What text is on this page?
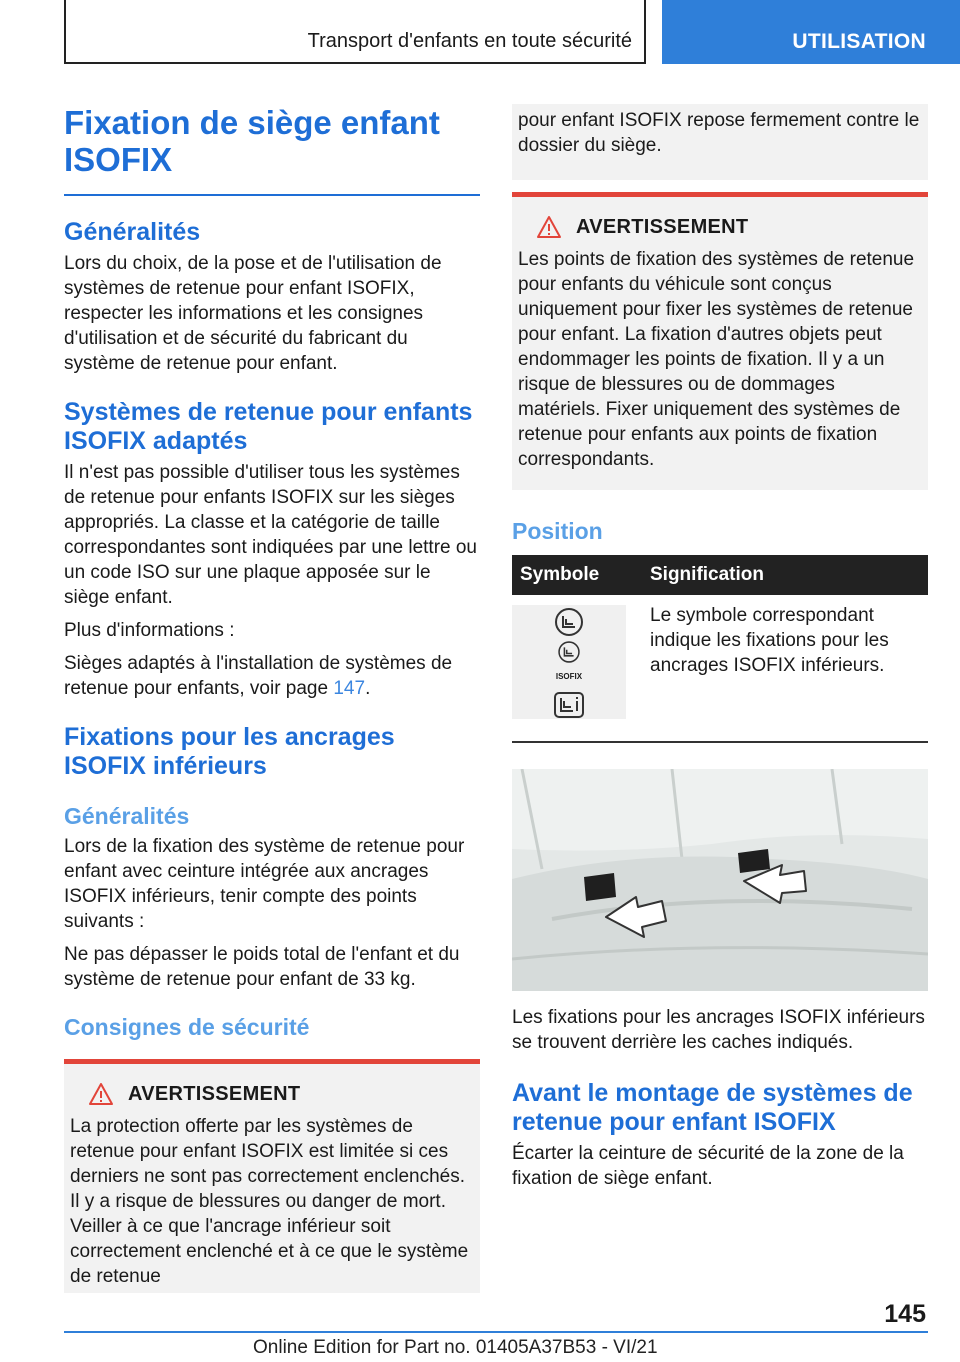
Transport d'enfants en toute sécurité	UTILISATION
Fixation de siège enfant ISOFIX
Généralités
Lors du choix, de la pose et de l'utilisation de systèmes de retenue pour enfant ISOFIX, respecter les informations et les consignes d'utilisation et de sécurité du fabricant du système de retenue pour enfant.
Systèmes de retenue pour enfants ISOFIX adaptés
Il n'est pas possible d'utiliser tous les systèmes de retenue pour enfants ISOFIX sur les sièges appropriés. La classe et la catégorie de taille correspondantes sont indiquées par une lettre ou un code ISO sur une plaque apposée sur le siège enfant.
Plus d'informations :
Sièges adaptés à l'installation de systèmes de retenue pour enfants, voir page 147.
Fixations pour les ancrages ISOFIX inférieurs
Généralités
Lors de la fixation des système de retenue pour enfant avec ceinture intégrée aux ancrages ISOFIX inférieurs, tenir compte des points suivants :
Ne pas dépasser le poids total de l'enfant et du système de retenue pour enfant de 33 kg.
Consignes de sécurité
AVERTISSEMENT
La protection offerte par les systèmes de retenue pour enfant ISOFIX est limitée si ces derniers ne sont pas correctement enclenchés. Il y a risque de blessures ou danger de mort. Veiller à ce que l'ancrage inférieur soit correctement enclenché et à ce que le système de retenue
pour enfant ISOFIX repose fermement contre le dossier du siège.
AVERTISSEMENT
Les points de fixation des systèmes de retenue pour enfants du véhicule sont conçus uniquement pour fixer les systèmes de retenue pour enfant. La fixation d'autres objets peut endommager les points de fixation. Il y a un risque de blessures ou de dommages matériels. Fixer uniquement des systèmes de retenue pour enfants aux points de fixation correspondants.
Position
Symbole	Signification

ISOFIX	Le symbole correspondant indique les fixations pour les ancrages ISOFIX inférieurs.
Les fixations pour les ancrages ISOFIX inférieurs se trouvent derrière les caches indiqués.
Avant le montage de systèmes de retenue pour enfant ISOFIX
Écarter la ceinture de sécurité de la zone de la fixation de siège enfant.
145
Online Edition for Part no. 01405A37B53 - VI/21
